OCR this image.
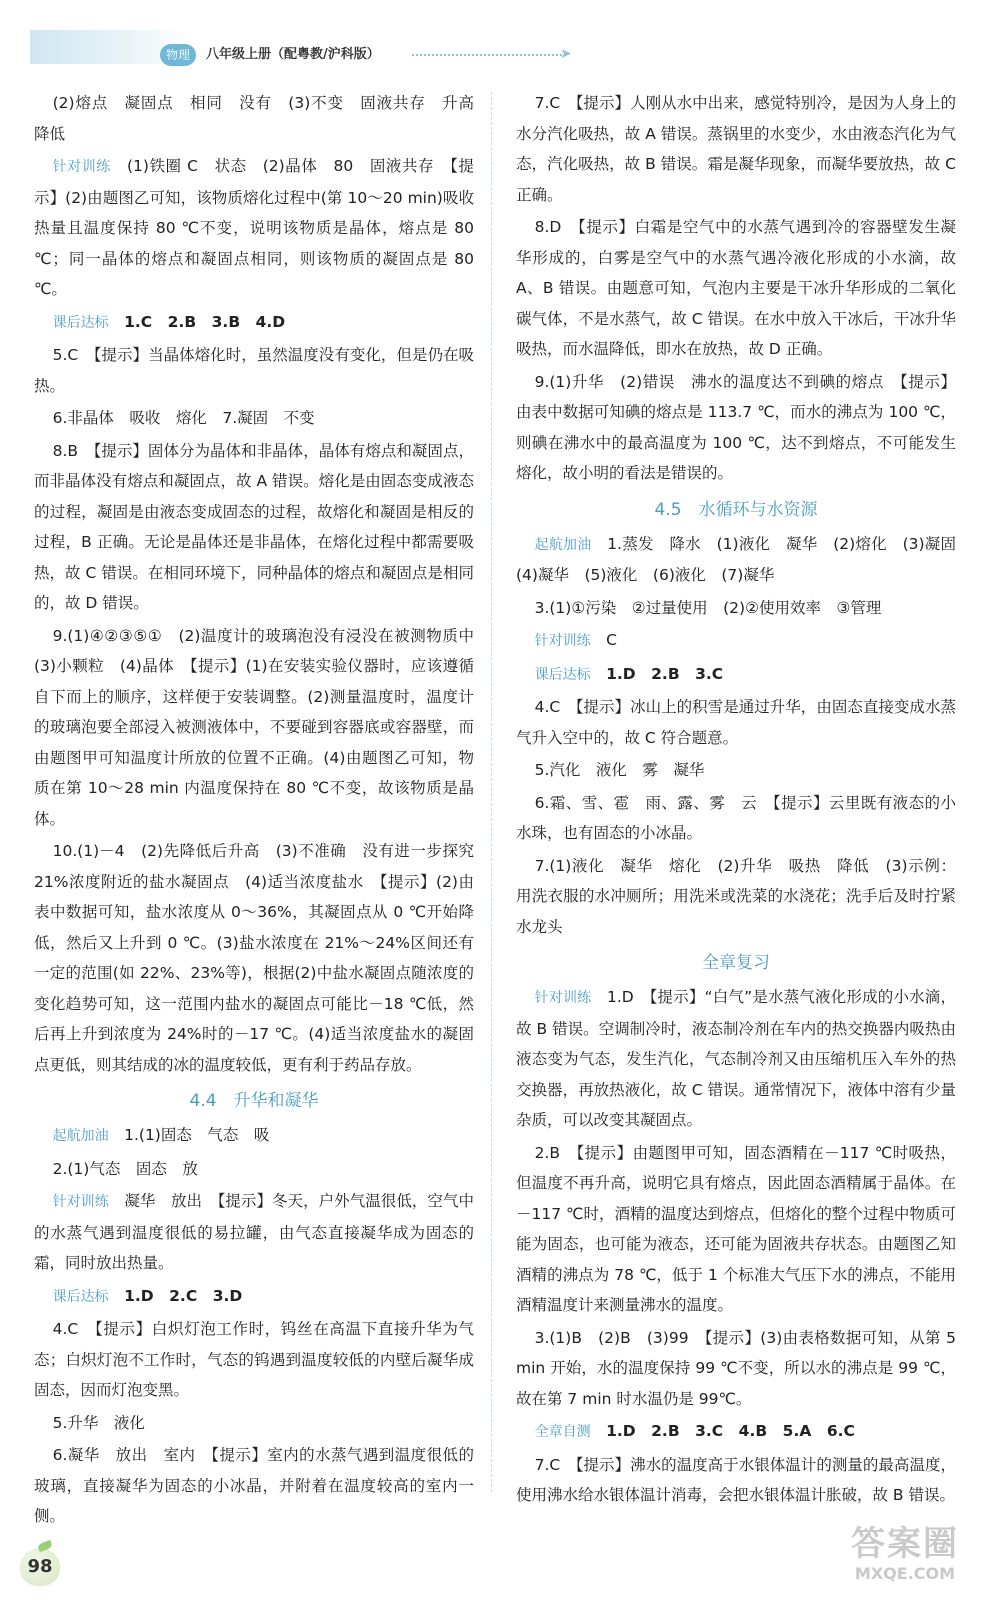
物理	八年级上册（配粤教/沪科版）	➤

(2)熔点　凝固点　相同　没有　(3)不变　固液共存　升高　降低

针对训练　 (1)铁圈 C　状态　(2)晶体　80　固液共存　【提示】(2)由题图乙可知，该物质熔化过程中(第 10～20 min)吸收热量且温度保持 80 ℃不变，说明该物质是晶体，熔点是 80 ℃；同一晶体的熔点和凝固点相同，则该物质的凝固点是 80 ℃。

课后达标　 1.C　2.B　3.B　4.D

5.C　【提示】当晶体熔化时，虽然温度没有变化，但是仍在吸热。

6.非晶体　吸收　熔化　7.凝固　不变

8.B　【提示】固体分为晶体和非晶体，晶体有熔点和凝固点，而非晶体没有熔点和凝固点，故 A 错误。熔化是由固态变成液态的过程，凝固是由液态变成固态的过程，故熔化和凝固是相反的过程，B 正确。无论是晶体还是非晶体，在熔化过程中都需要吸热，故 C 错误。在相同环境下，同种晶体的熔点和凝固点是相同的，故 D 错误。

9.(1)④②③⑤①　(2)温度计的玻璃泡没有浸没在被测物质中　(3)小颗粒　(4)晶体　【提示】(1)在安装实验仪器时，应该遵循自下而上的顺序，这样便于安装调整。(2)测量温度时，温度计的玻璃泡要全部浸入被测液体中，不要碰到容器底或容器壁，而由题图甲可知温度计所放的位置不正确。(4)由题图乙可知，物质在第 10～28 min 内温度保持在 80 ℃不变，故该物质是晶体。

10.(1)－4　(2)先降低后升高　(3)不准确　没有进一步探究 21%浓度附近的盐水凝固点　(4)适当浓度盐水　【提示】(2)由表中数据可知，盐水浓度从 0～36%，其凝固点从 0 ℃开始降低，然后又上升到 0 ℃。(3)盐水浓度在 21%～24%区间还有一定的范围(如 22%、23%等)，根据(2)中盐水凝固点随浓度的变化趋势可知，这一范围内盐水的凝固点可能比－18 ℃低，然后再上升到浓度为 24%时的－17 ℃。(4)适当浓度盐水的凝固点更低，则其结成的冰的温度较低，更有利于药品存放。

4.4　升华和凝华

起航加油　 1.(1)固态　气态　吸

2.(1)气态　固态　放

针对训练　 凝华　放出　【提示】冬天，户外气温很低，空气中的水蒸气遇到温度很低的易拉罐，由气态直接凝华成为固态的霜，同时放出热量。

课后达标　 1.D　2.C　3.D

4.C　【提示】白炽灯泡工作时，钨丝在高温下直接升华为气态；白炽灯泡不工作时，气态的钨遇到温度较低的内壁后凝华成固态，因而灯泡变黑。

5.升华　液化

6.凝华　放出　室内　【提示】室内的水蒸气遇到温度很低的玻璃，直接凝华为固态的小冰晶，并附着在温度较高的室内一侧。

7.C　【提示】人刚从水中出来，感觉特别冷，是因为人身上的水分汽化吸热，故 A 错误。蒸锅里的水变少，水由液态汽化为气态，汽化吸热，故 B 错误。霜是凝华现象，而凝华要放热，故 C 正确。

8.D　【提示】白霜是空气中的水蒸气遇到冷的容器壁发生凝华形成的，白雾是空气中的水蒸气遇冷液化形成的小水滴，故 A、B 错误。由题意可知，气泡内主要是干冰升华形成的二氧化碳气体，不是水蒸气，故 C 错误。在水中放入干冰后，干冰升华吸热，而水温降低，即水在放热，故 D 正确。

9.(1)升华　(2)错误　沸水的温度达不到碘的熔点　【提示】由表中数据可知碘的熔点是 113.7 ℃，而水的沸点为 100 ℃，则碘在沸水中的最高温度为 100 ℃，达不到熔点，不可能发生熔化，故小明的看法是错误的。

4.5　水循环与水资源

起航加油　 1.蒸发　降水　(1)液化　凝华　(2)熔化　(3)凝固　(4)凝华　(5)液化　(6)液化　(7)凝华

3.(1)①污染　②过量使用　(2)②使用效率　③管理

针对训练　 C

课后达标　 1.D　2.B　3.C

4.C　【提示】冰山上的积雪是通过升华，由固态直接变成水蒸气升入空中的，故 C 符合题意。

5.汽化　液化　雾　凝华

6.霜、雪、雹　雨、露、雾　云　【提示】云里既有液态的小水珠，也有固态的小冰晶。

7.(1)液化　凝华　熔化　(2)升华　吸热　降低　(3)示例：用洗衣服的水冲厕所；用洗米或洗菜的水浇花；洗手后及时拧紧水龙头

全章复习

针对训练　 1.D　【提示】“白气”是水蒸气液化形成的小水滴，故 B 错误。空调制冷时，液态制冷剂在车内的热交换器内吸热由液态变为气态，发生汽化，气态制冷剂又由压缩机压入车外的热交换器，再放热液化，故 C 错误。通常情况下，液体中溶有少量杂质，可以改变其凝固点。

2.B　【提示】由题图甲可知，固态酒精在－117 ℃时吸热，但温度不再升高，说明它具有熔点，因此固态酒精属于晶体。在－117 ℃时，酒精的温度达到熔点，但熔化的整个过程中物质可能为固态，也可能为液态，还可能为固液共存状态。由题图乙知酒精的沸点为 78 ℃，低于 1 个标准大气压下水的沸点，不能用酒精温度计来测量沸水的温度。

3.(1)B　(2)B　(3)99　【提示】(3)由表格数据可知，从第 5 min 开始，水的温度保持 99 ℃不变，所以水的沸点是 99 ℃，故在第 7 min 时水温仍是 99℃。

全章自测　 1.D　2.B　3.C　4.B　5.A　6.C

7.C　【提示】沸水的温度高于水银体温计的测量的最高温度，使用沸水给水银体温计消毒，会把水银体温计胀破，故 B 错误。

98
答案圈
MXQE.COM
